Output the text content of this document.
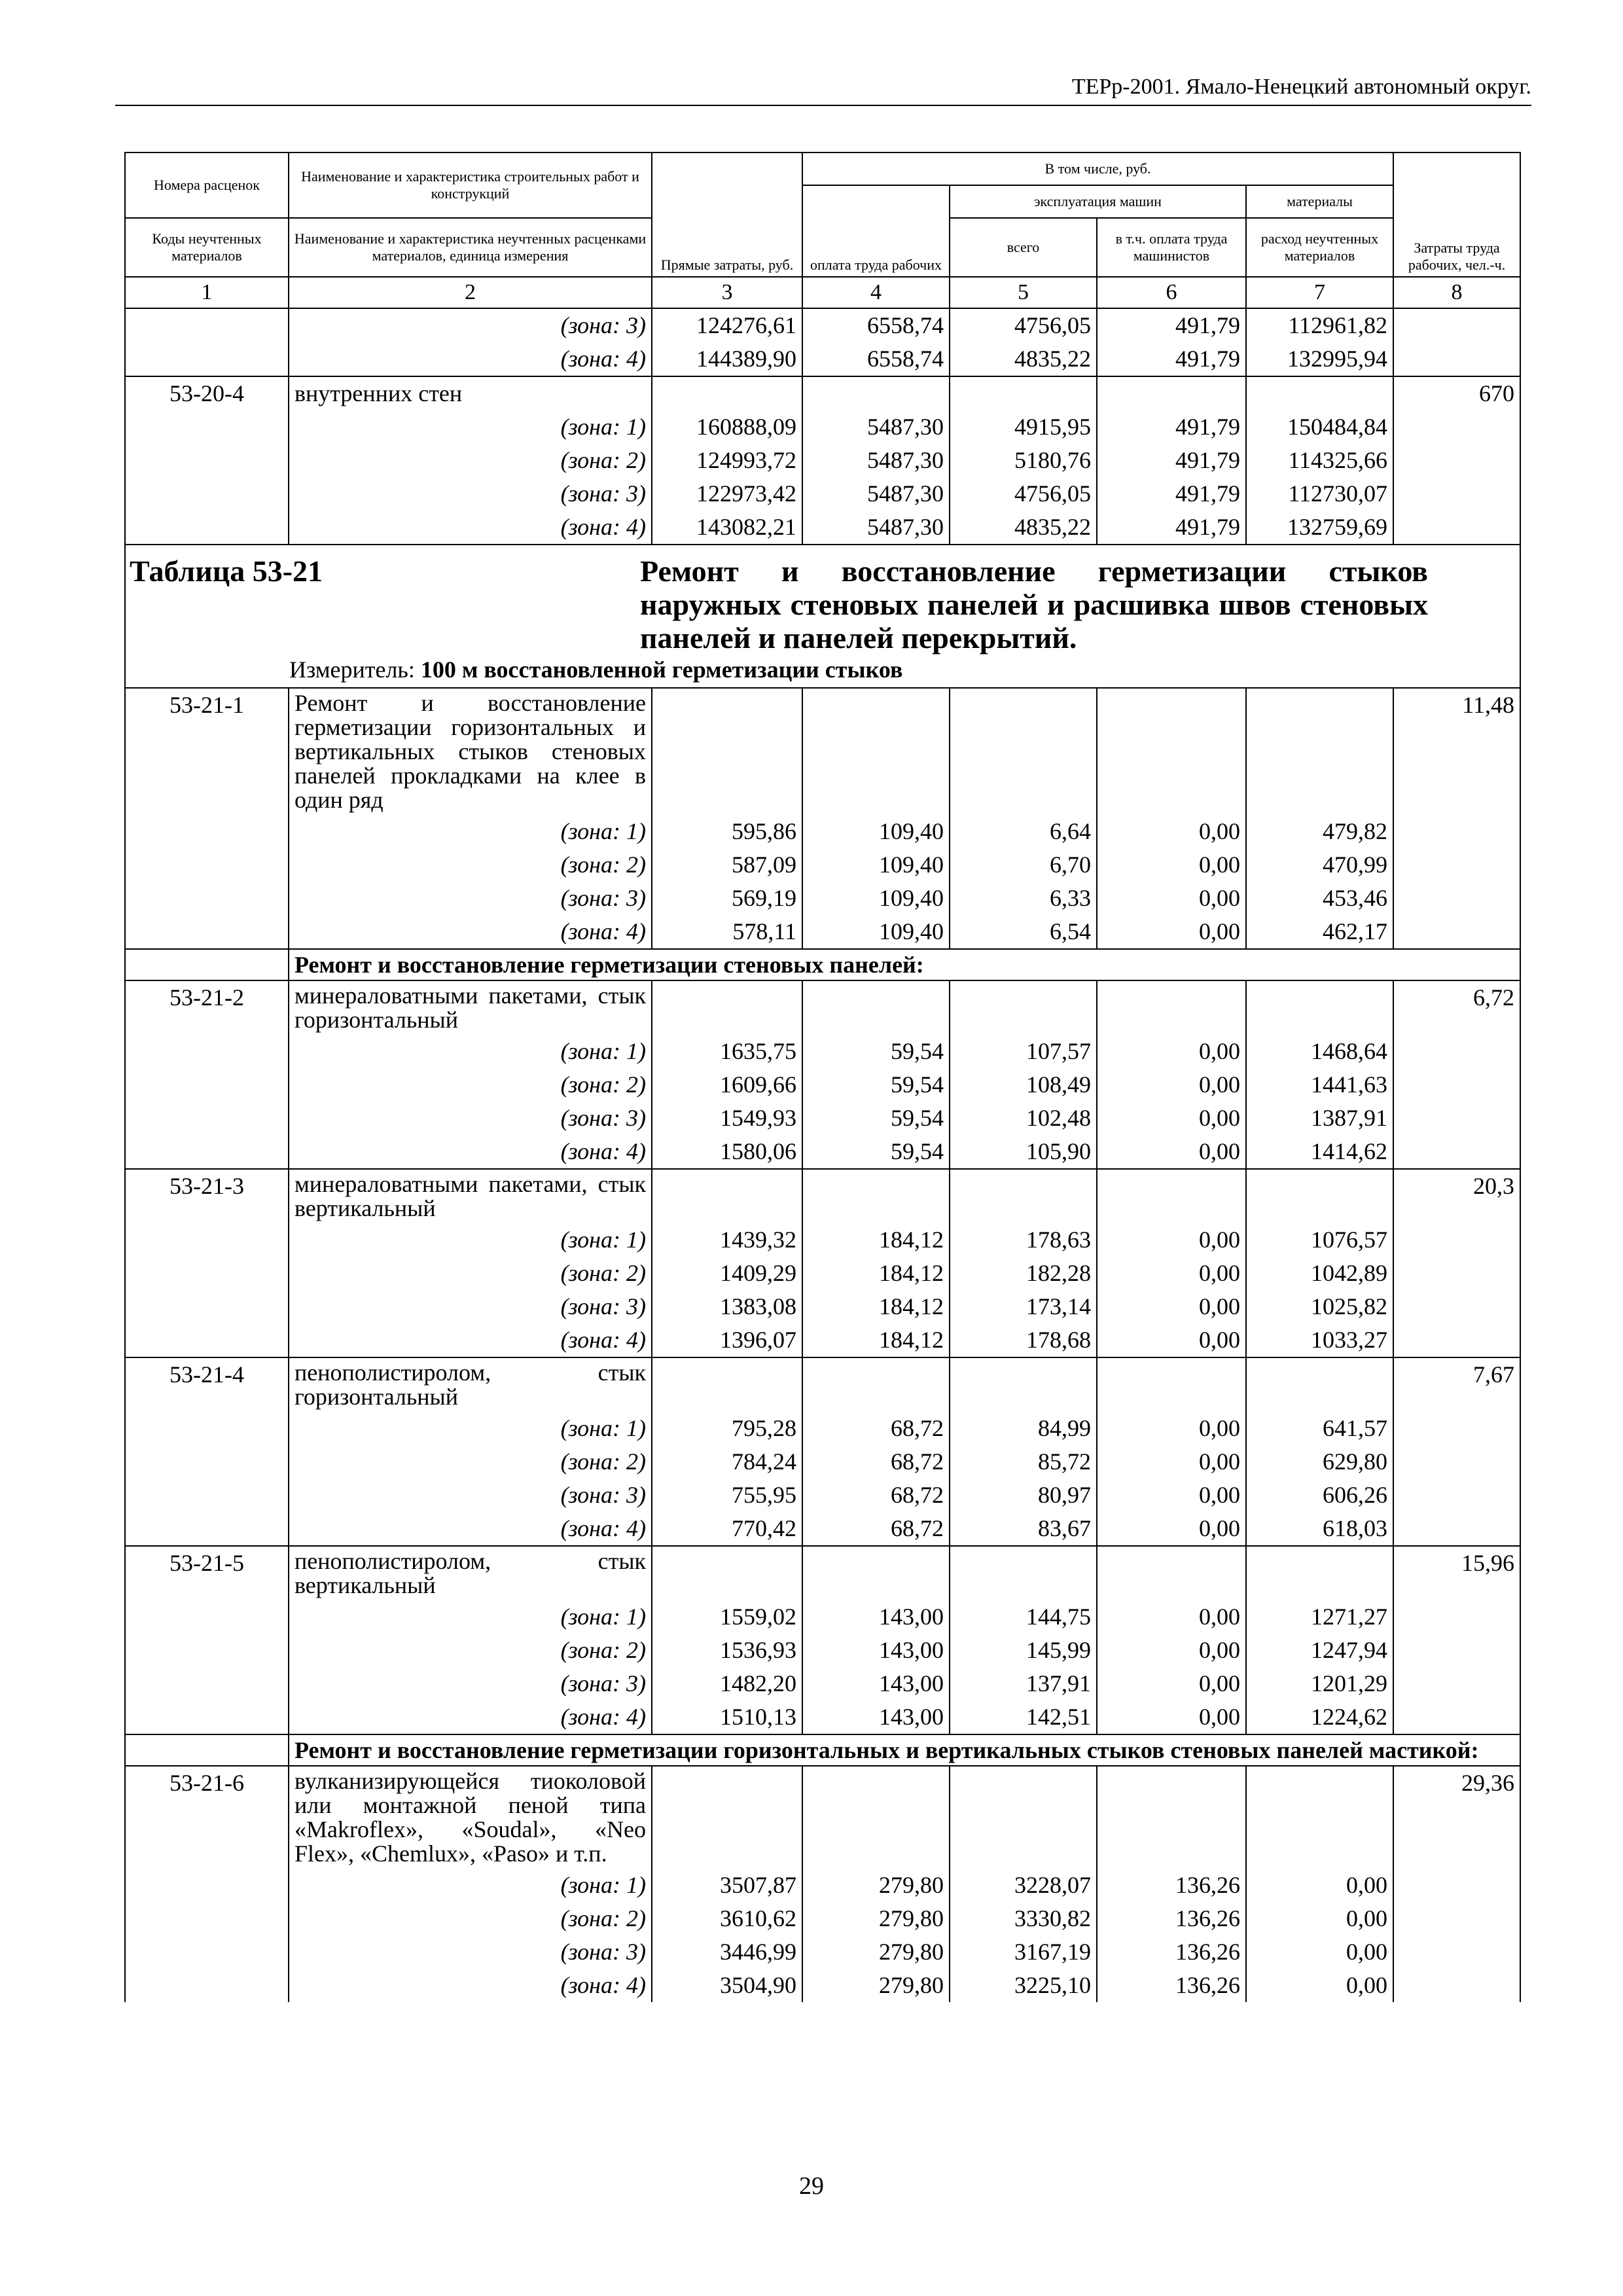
ТЕРр-2001. Ямало-Ненецкий автономный округ.
Номера расценок	Наименование и характеристика строительных работ и конструкций	Прямые затраты, руб.	В том числе, руб.				Затраты труда рабочих, чел.-ч.
			оплата труда рабочих	эксплуатация машин		материалы	
Коды неучтенных материалов	Наименование и характеристика неучтенных расценками материалов, единица измерения			всего	в т.ч. оплата труда машинистов	расход неучтенных материалов	

1	2	3	4	5	6	7	8
	(зона: 3)	124276,61	6558,74	4756,05	491,79	112961,82	
	(зона: 4)	144389,90	6558,74	4835,22	491,79	132995,94	
53-20-4	внутренних стен						670
	(зона: 1)	160888,09	5487,30	4915,95	491,79	150484,84	
	(зона: 2)	124993,72	5487,30	5180,76	491,79	114325,66	
	(зона: 3)	122973,42	5487,30	4756,05	491,79	112730,07	
	(зона: 4)	143082,21	5487,30	4835,22	491,79	132759,69	

Таблица 53-21 Ремонт и восстановление герметизации стыков наружных стеновых панелей и расшивка швов стеновых панелей и панелей перекрытий.
Измеритель: 100 м восстановленной герметизации стыков							

53-21-1	Ремонт и восстановление герметизации горизонтальных и вертикальных стыков стеновых панелей прокладками на клее в один ряд						11,48
	(зона: 1)	595,86	109,40	6,64	0,00	479,82	
	(зона: 2)	587,09	109,40	6,70	0,00	470,99	
	(зона: 3)	569,19	109,40	6,33	0,00	453,46	
	(зона: 4)	578,11	109,40	6,54	0,00	462,17	
	Ремонт и восстановление герметизации стеновых панелей:						
53-21-2	минераловатными пакетами, стык горизонтальный						6,72
	(зона: 1)	1635,75	59,54	107,57	0,00	1468,64	
	(зона: 2)	1609,66	59,54	108,49	0,00	1441,63	
	(зона: 3)	1549,93	59,54	102,48	0,00	1387,91	
	(зона: 4)	1580,06	59,54	105,90	0,00	1414,62	
53-21-3	минераловатными пакетами, стык вертикальный						20,3
	(зона: 1)	1439,32	184,12	178,63	0,00	1076,57	
	(зона: 2)	1409,29	184,12	182,28	0,00	1042,89	
	(зона: 3)	1383,08	184,12	173,14	0,00	1025,82	
	(зона: 4)	1396,07	184,12	178,68	0,00	1033,27	
53-21-4	пенополистиролом, стык горизонтальный						7,67
	(зона: 1)	795,28	68,72	84,99	0,00	641,57	
	(зона: 2)	784,24	68,72	85,72	0,00	629,80	
	(зона: 3)	755,95	68,72	80,97	0,00	606,26	
	(зона: 4)	770,42	68,72	83,67	0,00	618,03	
53-21-5	пенополистиролом, стык вертикальный						15,96
	(зона: 1)	1559,02	143,00	144,75	0,00	1271,27	
	(зона: 2)	1536,93	143,00	145,99	0,00	1247,94	
	(зона: 3)	1482,20	143,00	137,91	0,00	1201,29	
	(зона: 4)	1510,13	143,00	142,51	0,00	1224,62	
	Ремонт и восстановление герметизации горизонтальных и вертикальных стыков стеновых панелей мастикой:						
53-21-6	вулканизирующейся тиоколовой или монтажной пеной типа «Makroflex», «Soudal», «Neo Flex», «Chemlux», «Paso» и т.п.						29,36
	(зона: 1)	3507,87	279,80	3228,07	136,26	0,00	
	(зона: 2)	3610,62	279,80	3330,82	136,26	0,00	
	(зона: 3)	3446,99	279,80	3167,19	136,26	0,00	
	(зона: 4)	3504,90	279,80	3225,10	136,26	0,00	
29
